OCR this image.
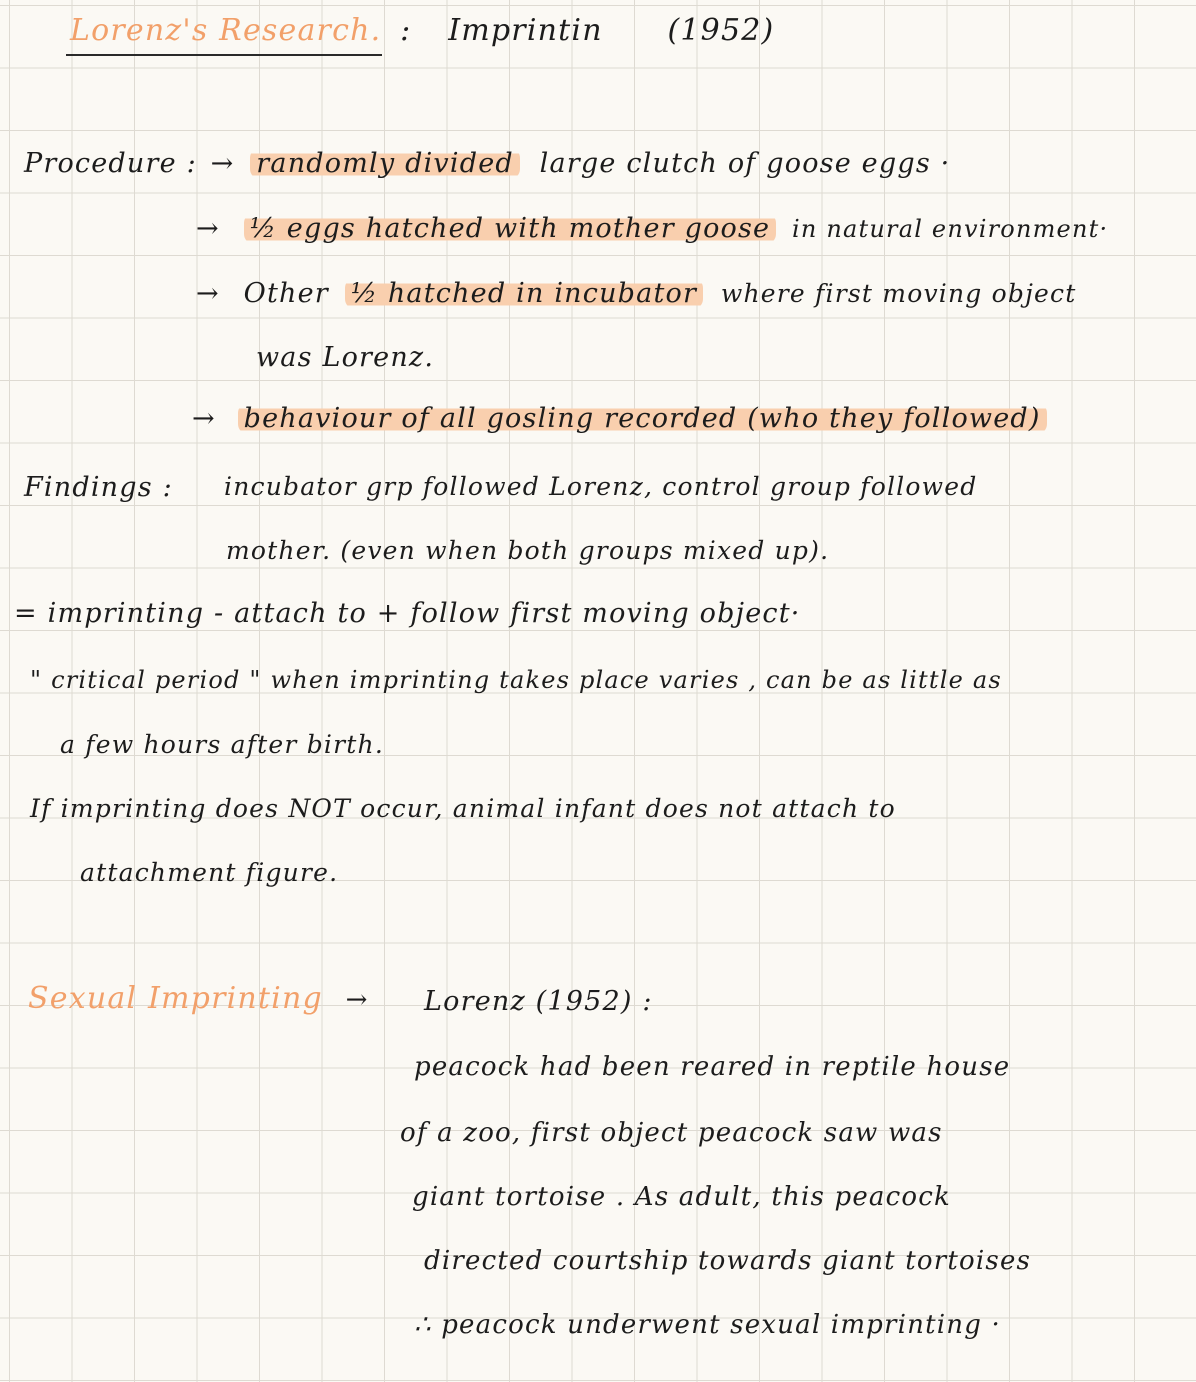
Lorenz's Research. : Imprintin (1952)
Procedure : → randomly divided large clutch of goose eggs ·
→ ½ eggs hatched with mother goose in natural environment·
→ Other ½ hatched in incubator where first moving object
was Lorenz.
→ behaviour of all gosling recorded (who they followed)
Findings : incubator grp followed Lorenz, control group followed
mother. (even when both groups mixed up).
= imprinting - attach to + follow first moving object·
" critical period " when imprinting takes place varies , can be as little as
a few hours after birth.
If imprinting does NOT occur, animal infant does not attach to
attachment figure.
Sexual Imprinting → Lorenz (1952) :
peacock had been reared in reptile house
of a zoo, first object peacock saw was
giant tortoise . As adult, this peacock
directed courtship towards giant tortoises
∴ peacock underwent sexual imprinting ·
